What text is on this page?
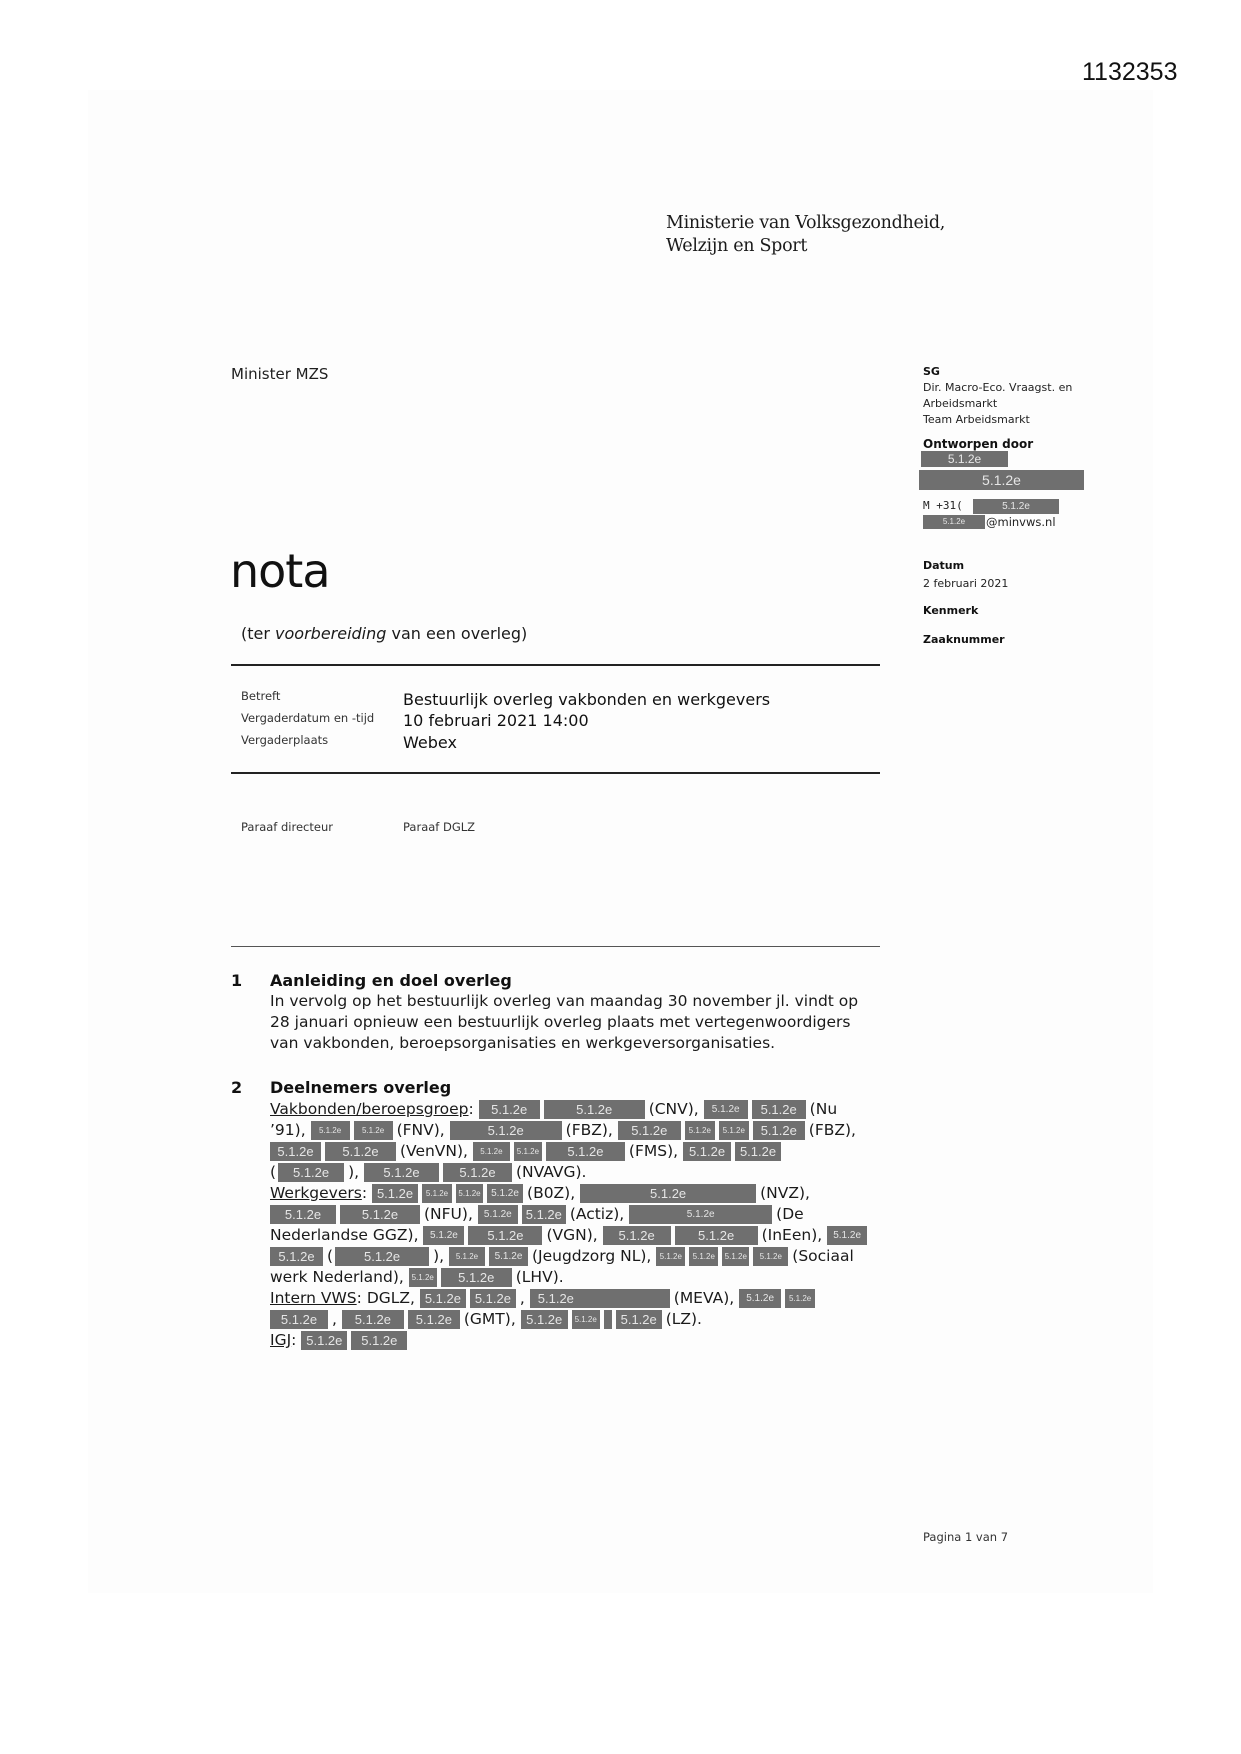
1132353
Ministerie van Volksgezondheid,
Welzijn en Sport
Minister MZS	SG
Dir. Macro-Eco. Vraagst. en
Arbeidsmarkt
Team Arbeidsmarkt
Ontworpen door
5.1.2e
5.1.2e
M +31(	5.1.2e
5.1.2e	@minvws.nl
Datum
2 februari 2021
Kenmerk
Zaaknummer
nota
(ter voorbereiding van een overleg)
Betreft	Bestuurlijk overleg vakbonden en werkgevers
Vergaderdatum en -tijd 10 februari 2021 14:00
Vergaderplaats	Webex
Paraaf directeur	Paraaf DGLZ
1 Aanleiding en doel overleg
In vervolg op het bestuurlijk overleg van maandag 30 november jl. vindt op
28 januari opnieuw een bestuurlijk overleg plaats met vertegenwoordigers
van vakbonden, beroepsorganisaties en werkgeversorganisaties.
2 Deelnemers overleg
Vakbonden/beroepsgroep: 5.1.2e	5.1.2e (CNV), 5.1.2e 5.1.2e (Nu
’91), 5.1.2e	5.1.2e (FNV),	5.1.2e	(FBZ), 5.1.2e	5.1.2e 5.1.2e 5.1.2e (FBZ),
5.1.2e 5.1.2e (VenVN), 5.1.2e 5.1.2e 5.1.2e (FMS), 5.1.2e 5.1.2e
( 5.1.2e ), 5.1.2e	5.1.2e (NVAVG).
Werkgevers: 5.1.2e 5.1.2e 5.1.2e 5.1.2e (B0Z),	5.1.2e	(NVZ),
5.1.2e	5.1.2e (NFU), 5.1.2e 5.1.2e (Actiz),	5.1.2e	(De
Nederlandse GGZ), 5.1.2e 5.1.2e (VGN), 5.1.2e	5.1.2e (InEen), 5.1.2e
5.1.2e ( 5.1.2e ), 5.1.2e 5.1.2e (Jeugdzorg NL), 5.1.2e 5.1.2e 5.1.2e 5.1.2e (Sociaal
werk Nederland), 5.1.2e 5.1.2e (LHV).
Intern VWS: DGLZ, 5.1.2e 5.1.2e , 5.1.2e	(MEVA), 5.1.2e 5.1.2e
5.1.2e , 5.1.2e 5.1.2e (GMT), 5.1.2e 5.1.2e 5.1.2e (LZ).
IGJ: 5.1.2e 5.1.2e
Pagina 1 van 7
